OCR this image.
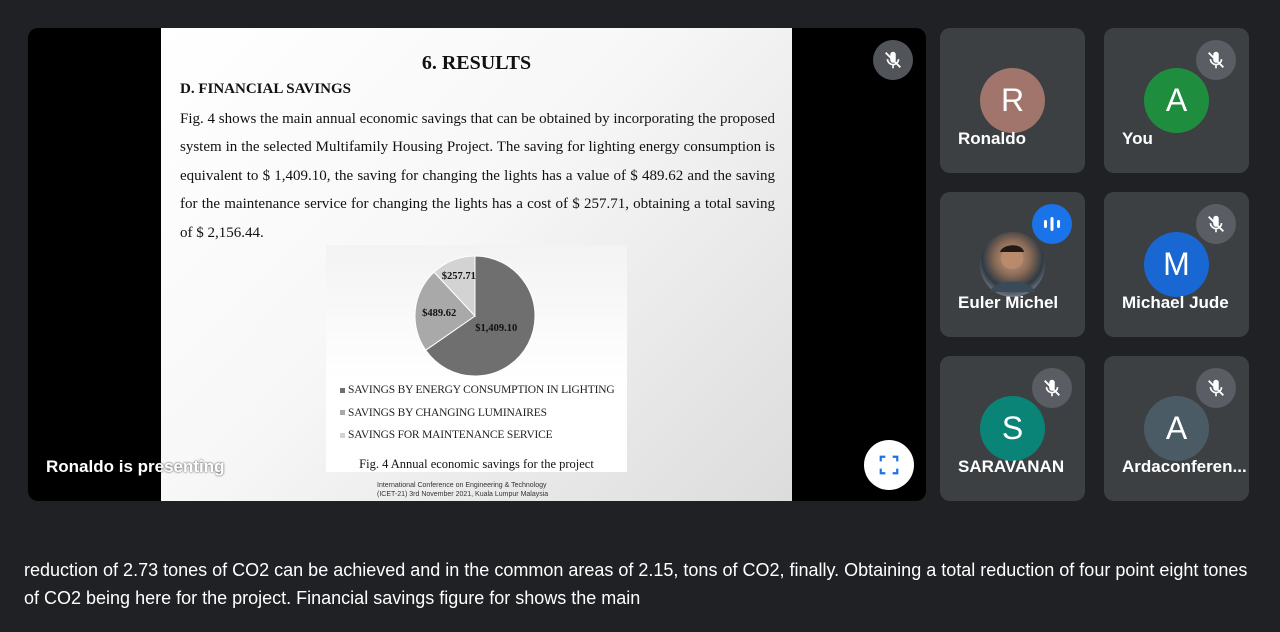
6. RESULTS
D. FINANCIAL SAVINGS
Fig. 4 shows the main annual economic savings that can be obtained by incorporating the proposed system in the selected Multifamily Housing Project. The saving for lighting energy consumption is equivalent to $ 1,409.10, the saving for changing the lights has a value of $ 489.62 and the saving for the maintenance service for changing the lights has a cost of $ 257.71, obtaining a total saving of $ 2,156.44.
$1,409.10
$489.62
$257.71
SAVINGS BY ENERGY CONSUMPTION IN LIGHTING
SAVINGS BY CHANGING LUMINAIRES
SAVINGS FOR MAINTENANCE SERVICE
Fig. 4 Annual economic savings for the project
International Conference on Engineering & Technology
(ICET-21) 3rd November 2021, Kuala Lumpur Malaysia
Ronaldo is presenting
R
Ronaldo
A
You
Euler Michel
M
Michael Jude
S
SARAVANAN
A
Ardaconferen...
reduction of 2.73 tones of CO2 can be achieved and in the common areas of 2.15, tons of CO2, finally. Obtaining a total reduction of four point eight tones of CO2 being here for the project. Financial savings figure for shows the main
